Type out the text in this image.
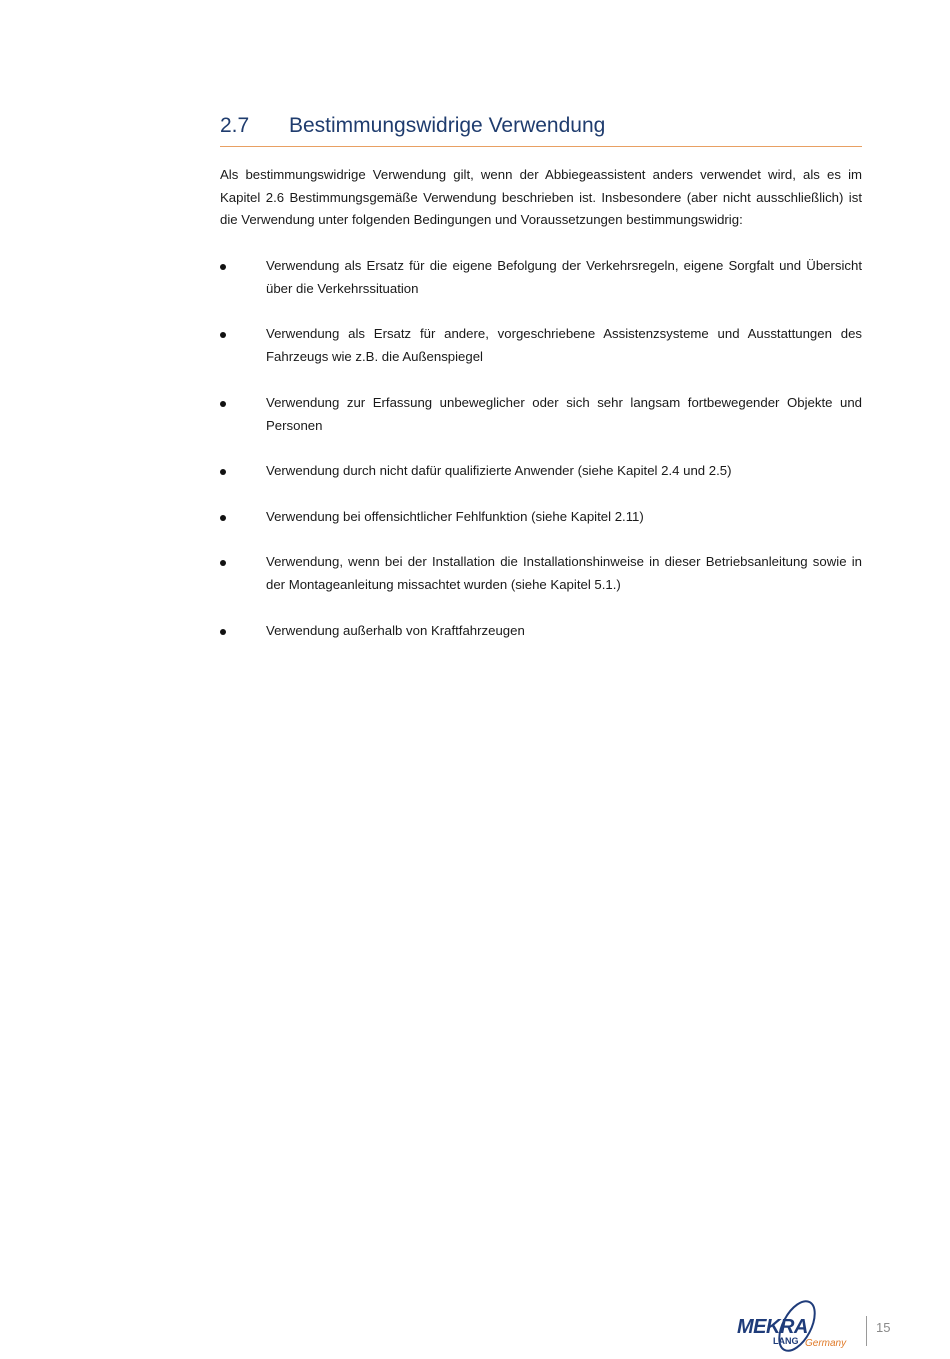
2.7 Bestimmungswidrige Verwendung

Als bestimmungswidrige Verwendung gilt, wenn der Abbiegeassistent anders verwendet wird, als es im Kapitel 2.6 Bestimmungsgemäße Verwendung beschrieben ist. Insbesondere (aber nicht ausschließlich) ist die Verwendung unter folgenden Bedingungen und Voraussetzungen bestimmungswidrig:

Verwendung als Ersatz für die eigene Befolgung der Verkehrsregeln, eigene Sorgfalt und Übersicht über die Verkehrssituation
Verwendung als Ersatz für andere, vorgeschriebene Assistenzsysteme und Ausstattungen des Fahrzeugs wie z.B. die Außenspiegel
Verwendung zur Erfassung unbeweglicher oder sich sehr langsam fortbewegender Objekte und Personen
Verwendung durch nicht dafür qualifizierte Anwender (siehe Kapitel 2.4 und 2.5)
Verwendung bei offensichtlicher Fehlfunktion (siehe Kapitel 2.11)
Verwendung, wenn bei der Installation die Installationshinweise in dieser Betriebsanleitung sowie in der Montageanleitung missachtet wurden (siehe Kapitel 5.1.)
Verwendung außerhalb von Kraftfahrzeugen
MEKRA
LANG Germany
15
